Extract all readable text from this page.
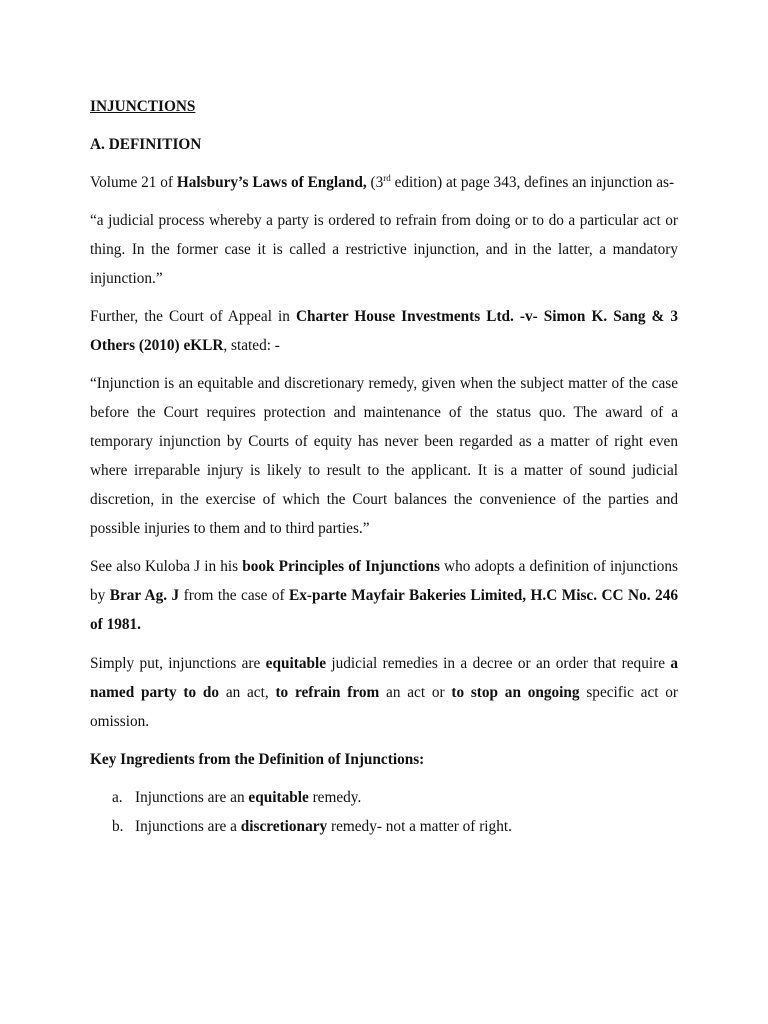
INJUNCTIONS

A. DEFINITION

Volume 21 of Halsbury’s Laws of England, (3rd edition) at page 343, defines an injunction as-

“a judicial process whereby a party is ordered to refrain from doing or to do a particular act or thing. In the former case it is called a restrictive injunction, and in the latter, a mandatory injunction.”

Further, the Court of Appeal in Charter House Investments Ltd. -v- Simon K. Sang & 3 Others (2010) eKLR, stated: -

“Injunction is an equitable and discretionary remedy, given when the subject matter of the case before the Court requires protection and maintenance of the status quo. The award of a temporary injunction by Courts of equity has never been regarded as a matter of right even where irreparable injury is likely to result to the applicant. It is a matter of sound judicial discretion, in the exercise of which the Court balances the convenience of the parties and possible injuries to them and to third parties.”

See also Kuloba J in his book Principles of Injunctions who adopts a definition of injunctions by Brar Ag. J from the case of Ex-parte Mayfair Bakeries Limited, H.C Misc. CC No. 246 of 1981.

Simply put, injunctions are equitable judicial remedies in a decree or an order that require a named party to do an act, to refrain from an act or to stop an ongoing specific act or omission.

Key Ingredients from the Definition of Injunctions:

a. Injunctions are an equitable remedy.
b. Injunctions are a discretionary remedy- not a matter of right.
